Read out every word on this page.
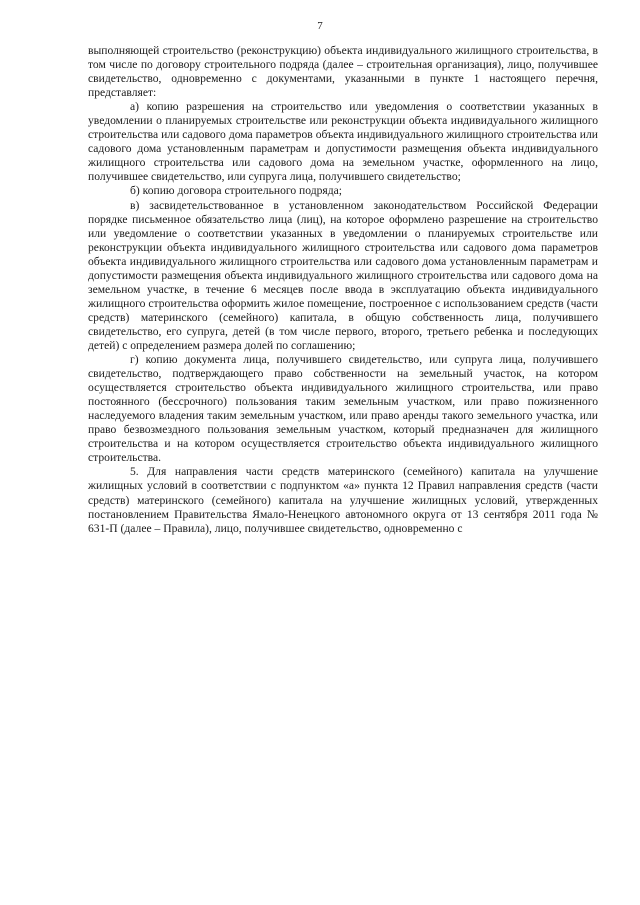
7

выполняющей строительство (реконструкцию) объекта индивидуального жилищного строительства, в том числе по договору строительного подряда (далее – строительная организация), лицо, получившее свидетельство, одновременно с документами, указанными в пункте 1 настоящего перечня, представляет:

а) копию разрешения на строительство или уведомления о соответствии указанных в уведомлении о планируемых строительстве или реконструкции объекта индивидуального жилищного строительства или садового дома параметров объекта индивидуального жилищного строительства или садового дома установленным параметрам и допустимости размещения объекта индивидуального жилищного строительства или садового дома на земельном участке, оформленного на лицо, получившее свидетельство, или супруга лица, получившего свидетельство;

б) копию договора строительного подряда;

в) засвидетельствованное в установленном законодательством Российской Федерации порядке письменное обязательство лица (лиц), на которое оформлено разрешение на строительство или уведомление о соответствии указанных в уведомлении о планируемых строительстве или реконструкции объекта индивидуального жилищного строительства или садового дома параметров объекта индивидуального жилищного строительства или садового дома установленным параметрам и допустимости размещения объекта индивидуального жилищного строительства или садового дома на земельном участке, в течение 6 месяцев после ввода в эксплуатацию объекта индивидуального жилищного строительства оформить жилое помещение, построенное с использованием средств (части средств) материнского (семейного) капитала, в общую собственность лица, получившего свидетельство, его супруга, детей (в том числе первого, второго, третьего ребенка и последующих детей) с определением размера долей по соглашению;

г) копию документа лица, получившего свидетельство, или супруга лица, получившего свидетельство, подтверждающего право собственности на земельный участок, на котором осуществляется строительство объекта индивидуального жилищного строительства, или право постоянного (бессрочного) пользования таким земельным участком, или право пожизненного наследуемого владения таким земельным участком, или право аренды такого земельного участка, или право безвозмездного пользования земельным участком, который предназначен для жилищного строительства и на котором осуществляется строительство объекта индивидуального жилищного строительства.

5. Для направления части средств материнского (семейного) капитала на улучшение жилищных условий в соответствии с подпунктом «а» пункта 12 Правил направления средств (части средств) материнского (семейного) капитала на улучшение жилищных условий, утвержденных постановлением Правительства Ямало-Ненецкого автономного округа от 13 сентября 2011 года № 631-П (далее – Правила), лицо, получившее свидетельство, одновременно с
